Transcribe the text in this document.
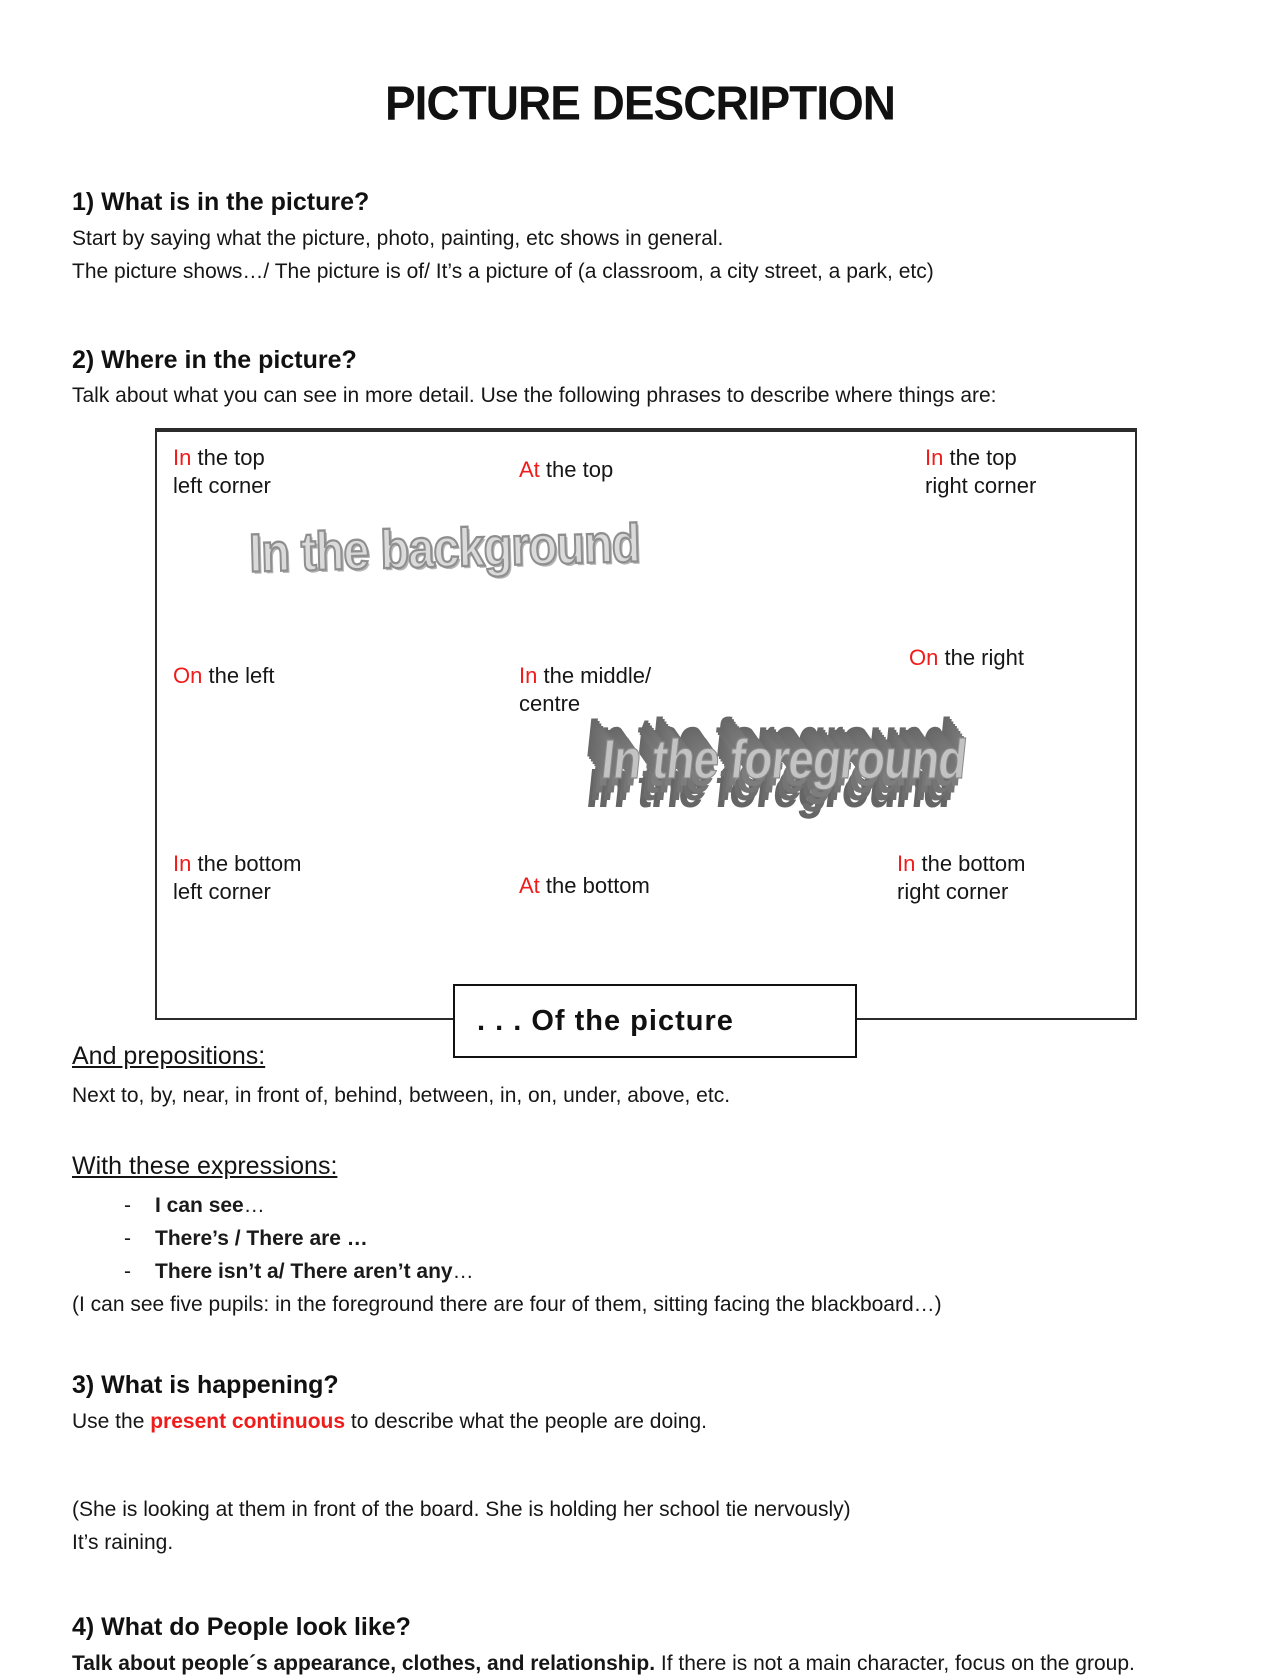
PICTURE DESCRIPTION
1) What is in the picture?
Start by saying what the picture, photo, painting, etc shows in general.
The picture shows…/ The picture is of/ It’s a picture of (a classroom, a city street, a park, etc)
2) Where in the picture?
Talk about what you can see in more detail. Use the following phrases to describe where things are:
In the top
left corner
At the top	In the top
right corner
In the background
On the left	In the middle/
centre
On the right
In the foreground
In the bottom
left corner	At the bottom
In the bottom
right corner
. . . Of the picture
And prepositions:
Next to, by, near, in front of, behind, between, in, on, under, above, etc.
With these expressions:
-	I can see…
-	There’s / There are …
-	There isn’t a/ There aren’t any…
(I can see five pupils: in the foreground there are four of them, sitting facing the blackboard…)
3) What is happening?
Use the present continuous to describe what the people are doing.
(She is looking at them in front of the board. She is holding her school tie nervously)
It’s raining.
4) What do People look like?
Talk about people´s appearance, clothes, and relationship. If there is not a main character, focus on the group.
